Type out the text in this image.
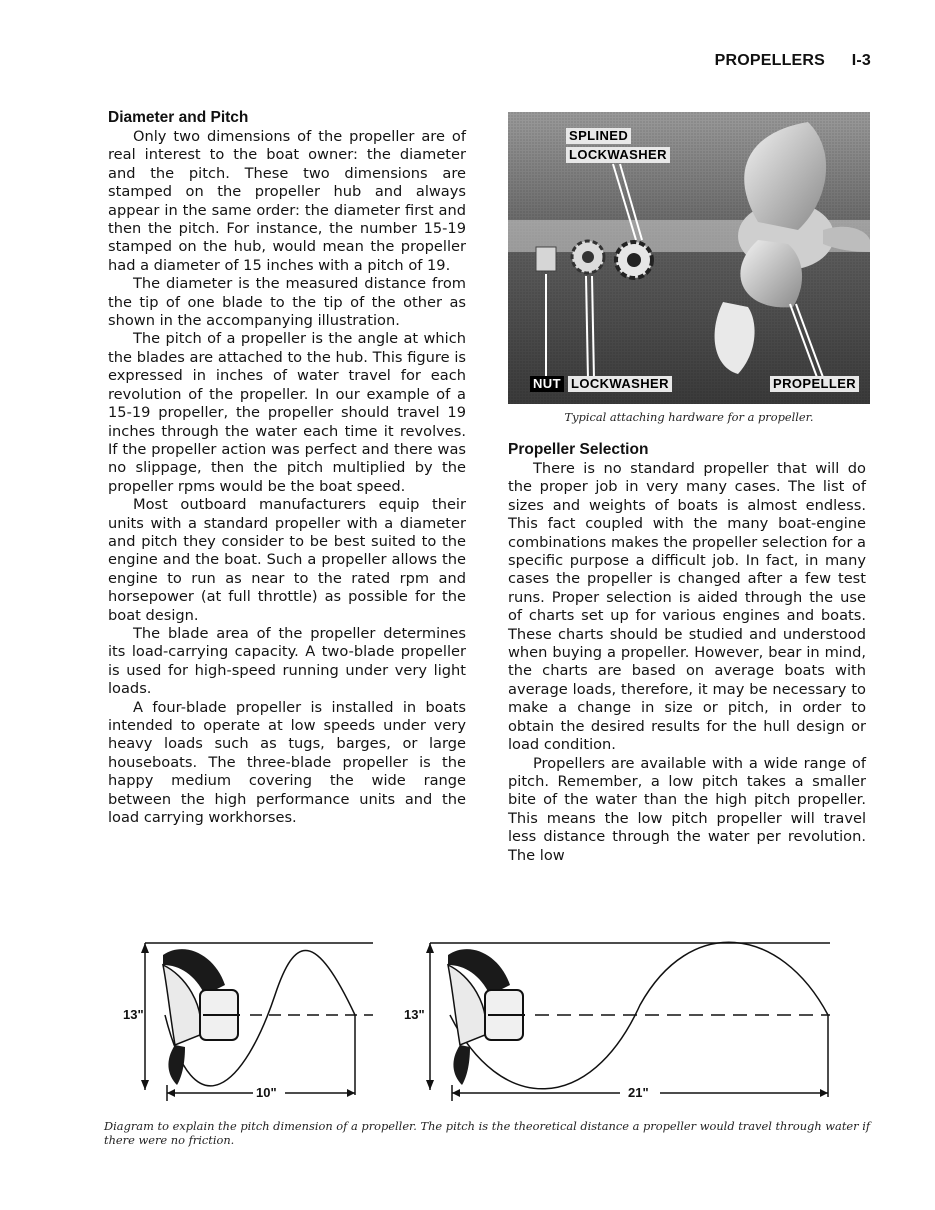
PROPELLERS I-3
Diameter and Pitch

Only two dimensions of the propeller are of real interest to the boat owner: the diameter and the pitch. These two dimensions are stamped on the propeller hub and always appear in the same order: the diameter first and then the pitch. For instance, the number 15-19 stamped on the hub, would mean the propeller had a diameter of 15 inches with a pitch of 19.

The diameter is the measured distance from the tip of one blade to the tip of the other as shown in the accompanying illustration.

The pitch of a propeller is the angle at which the blades are attached to the hub. This figure is expressed in inches of water travel for each revolution of the propeller. In our example of a 15-19 propeller, the propeller should travel 19 inches through the water each time it revolves. If the propeller action was perfect and there was no slippage, then the pitch multiplied by the propeller rpms would be the boat speed.

Most outboard manufacturers equip their units with a standard propeller with a diameter and pitch they consider to be best suited to the engine and the boat. Such a propeller allows the engine to run as near to the rated rpm and horsepower (at full throttle) as possible for the boat design.

The blade area of the propeller determines its load-carrying capacity. A two-blade propeller is used for high-speed running under very light loads.

A four-blade propeller is installed in boats intended to operate at low speeds under very heavy loads such as tugs, barges, or large houseboats. The three-blade propeller is the happy medium covering the wide range between the high performance units and the load carrying workhorses.

SPLINED
LOCKWASHER
NUT LOCKWASHER	PROPELLER
Typical attaching hardware for a propeller.
Propeller Selection

There is no standard propeller that will do the proper job in very many cases. The list of sizes and weights of boats is almost endless. This fact coupled with the many boat-engine combinations makes the propeller selection for a specific purpose a difficult job. In fact, in many cases the propeller is changed after a few test runs. Proper selection is aided through the use of charts set up for various engines and boats. These charts should be studied and understood when buying a propeller. However, bear in mind, the charts are based on average boats with average loads, therefore, it may be necessary to make a change in size or pitch, in order to obtain the desired results for the hull design or load condition.

Propellers are available with a wide range of pitch. Remember, a low pitch takes a smaller bite of the water than the high pitch propeller. This means the low pitch propeller will travel less distance through the water per revolution. The low

13"
10"
13"
21"
Diagram to explain the pitch dimension of a propeller. The pitch is the theoretical distance a propeller would travel through water if there were no friction.
